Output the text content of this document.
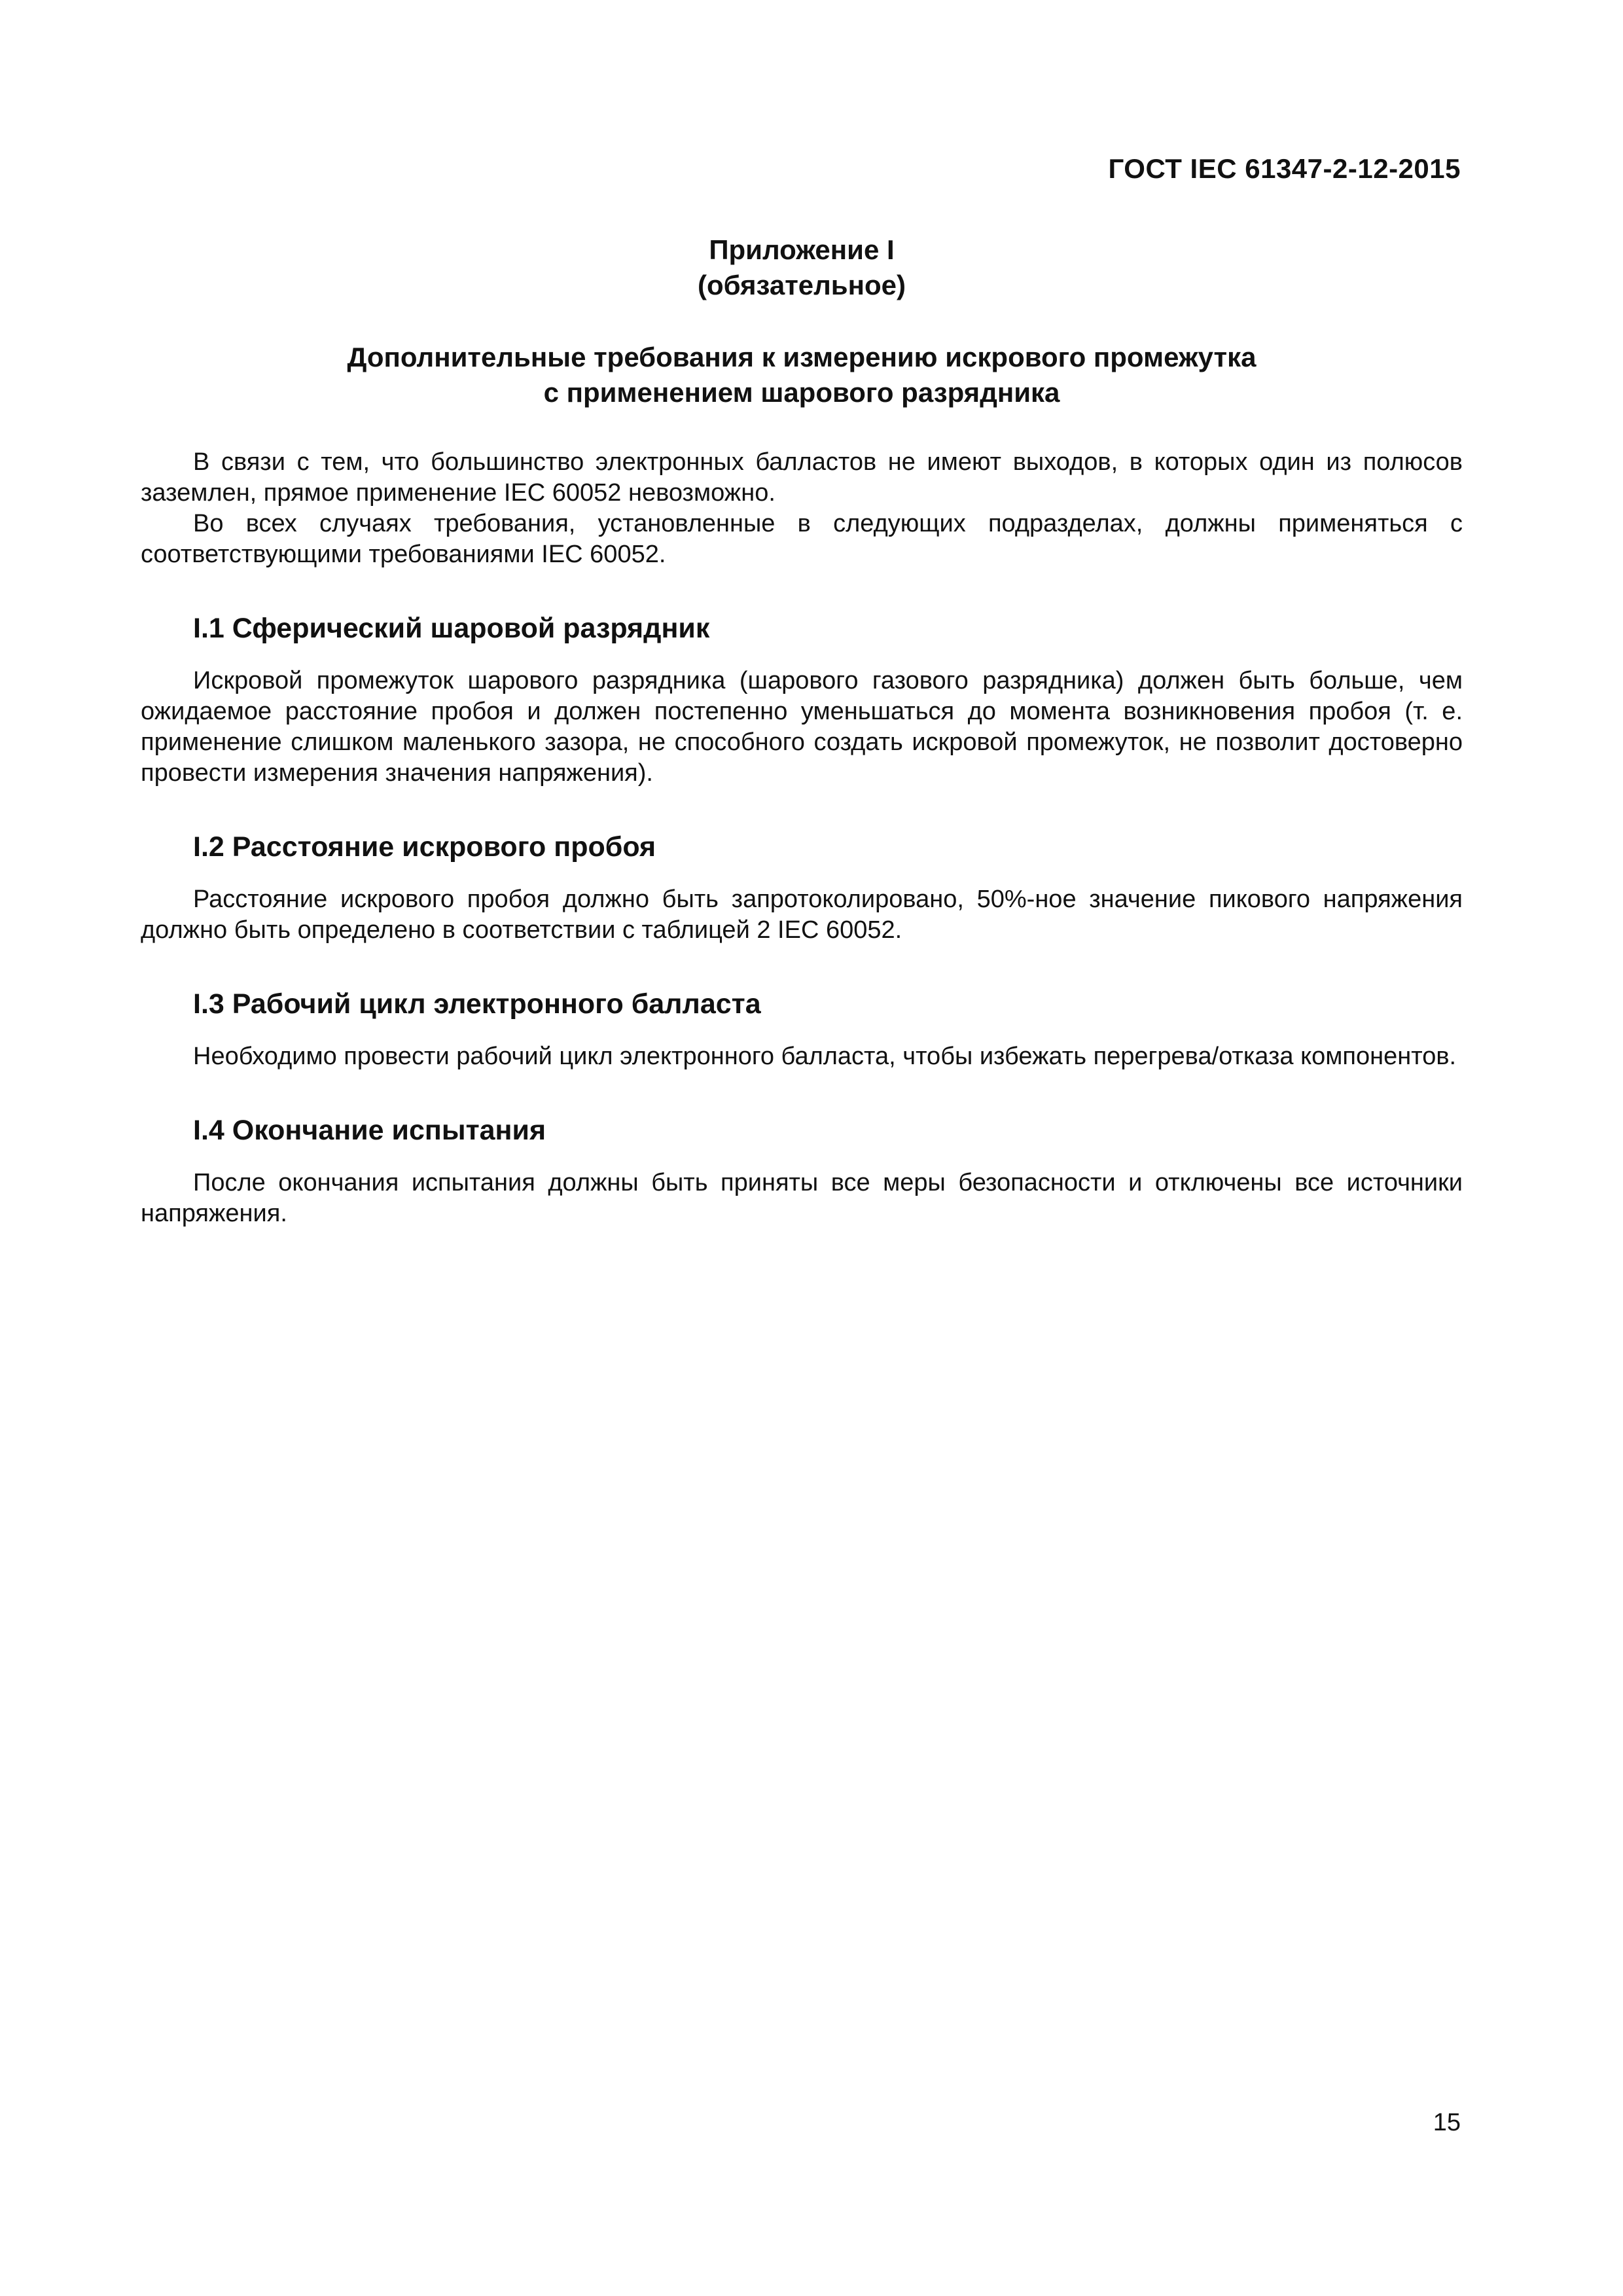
ГОСТ IEC 61347-2-12-2015

Приложение I

(обязательное)

Дополнительные требования к измерению искрового промежутка
с применением шарового разрядника

В связи с тем, что большинство электронных балластов не имеют выходов, в которых один из полюсов заземлен, прямое применение IEC 60052 невозможно.

Во всех случаях требования, установленные в следующих подразделах, должны применяться с соответствующими требованиями IEC 60052.

I.1 Сферический шаровой разрядник

Искровой промежуток шарового разрядника (шарового газового разрядника) должен быть больше, чем ожидаемое расстояние пробоя и должен постепенно уменьшаться до момента возникновения пробоя (т. е. применение слишком маленького зазора, не способного создать искровой промежуток, не позволит достоверно провести измерения значения напряжения).

I.2 Расстояние искрового пробоя

Расстояние искрового пробоя должно быть запротоколировано, 50%-ное значение пикового напряжения должно быть определено в соответствии с таблицей 2 IEC 60052.

I.3 Рабочий цикл электронного балласта

Необходимо провести рабочий цикл электронного балласта, чтобы избежать перегрева/отказа компонентов.

I.4 Окончание испытания

После окончания испытания должны быть приняты все меры безопасности и отключены все источники напряжения.

15
